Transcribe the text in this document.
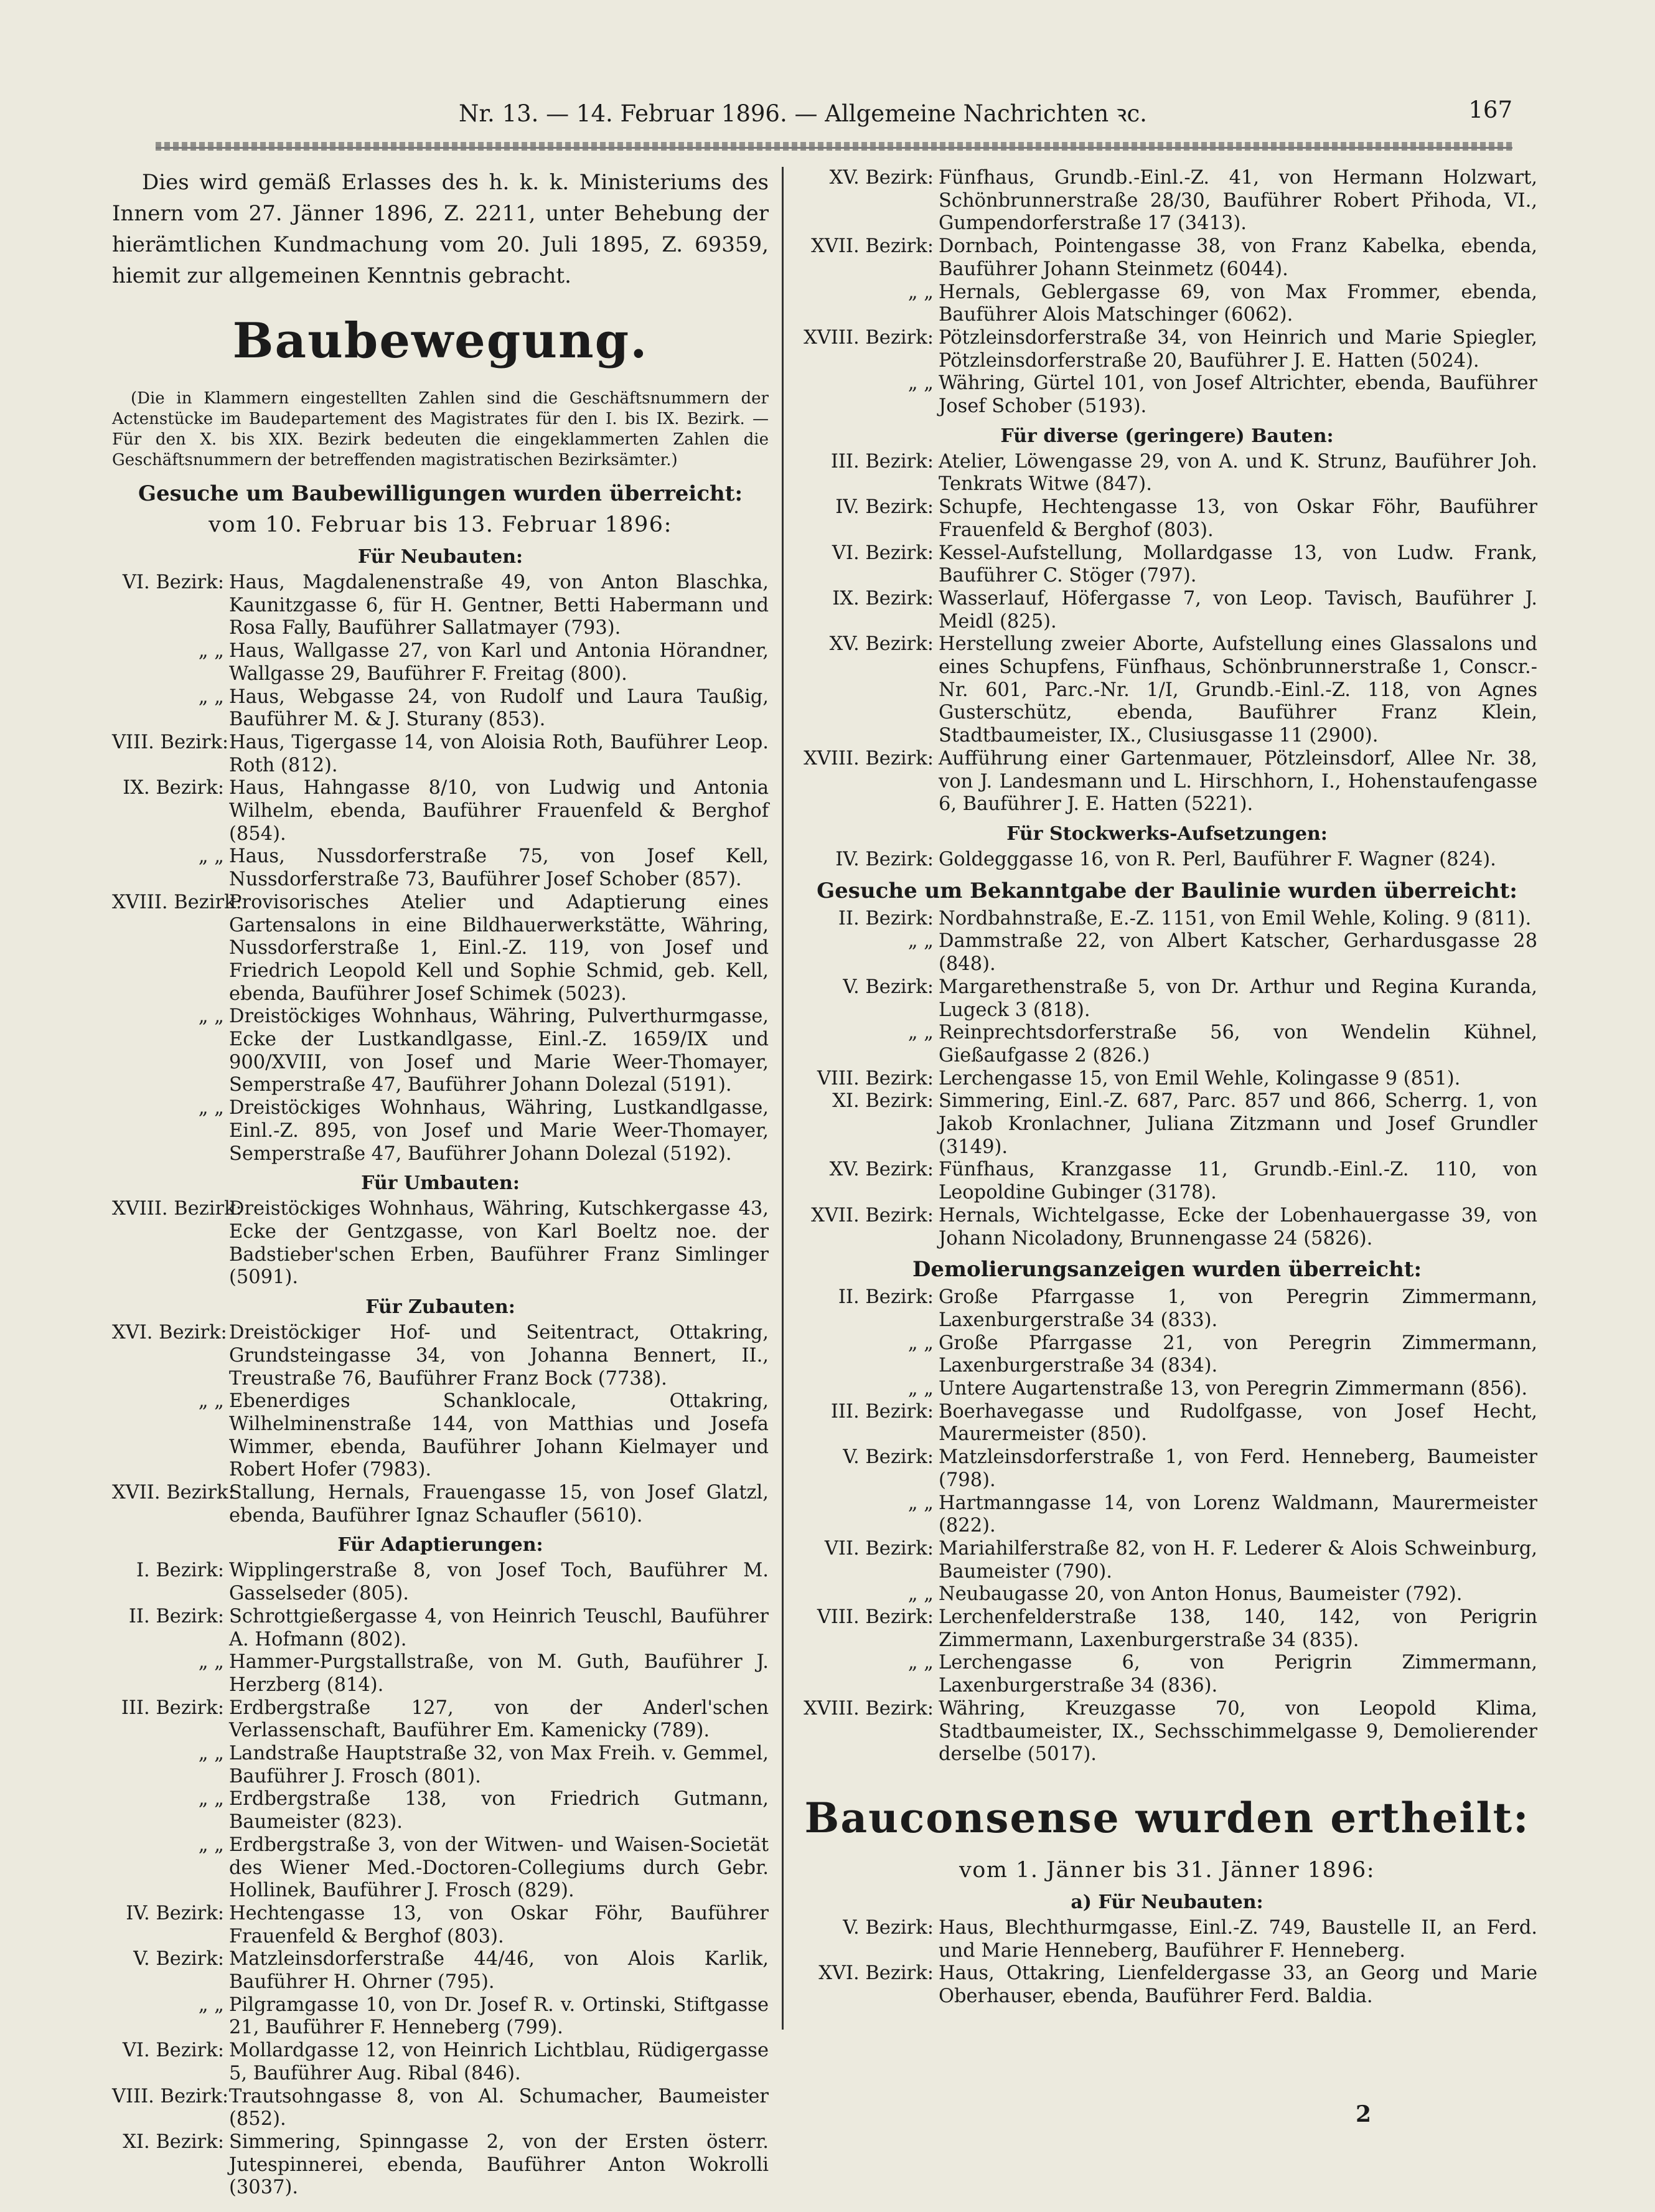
Nr. 13. — 14. Februar 1896. — Allgemeine Nachrichten ꝛc.	167

Dies wird gemäß Erlasses des h. k. k. Ministeriums des Innern vom 27. Jänner 1896, Z. 2211, unter Behebung der hierämtlichen Kundmachung vom 20. Juli 1895, Z. 69359, hiemit zur allgemeinen Kenntnis gebracht.

Baubewegung.

(Die in Klammern eingestellten Zahlen sind die Geschäftsnummern der Actenstücke im Baudepartement des Magistrates für den I. bis IX. Bezirk. — Für den X. bis XIX. Bezirk bedeuten die eingeklammerten Zahlen die Geschäftsnummern der betreffenden magistratischen Bezirksämter.)

Gesuche um Baubewilligungen wurden überreicht:
vom 10. Februar bis 13. Februar 1896:
Für Neubauten:
VI. Bezirk: Haus, Magdalenenstraße 49, von Anton Blaschka, Kaunitzgasse 6, für H. Gentner, Betti Habermann und Rosa Fally, Bauführer Sallatmayer (793).
„ „ Haus, Wallgasse 27, von Karl und Antonia Hörandner, Wallgasse 29, Bauführer F. Freitag (800).
„ „ Haus, Webgasse 24, von Rudolf und Laura Taußig, Bauführer M. & J. Sturany (853).
VIII. Bezirk: Haus, Tigergasse 14, von Aloisia Roth, Bauführer Leop. Roth (812).
IX. Bezirk: Haus, Hahngasse 8/10, von Ludwig und Antonia Wilhelm, ebenda, Bauführer Frauenfeld & Berghof (854).
„ „ Haus, Nussdorferstraße 75, von Josef Kell, Nussdorferstraße 73, Bauführer Josef Schober (857).
XVIII. Bezirk:
Provisorisches Atelier und Adaptierung eines Gartensalons in eine Bildhauerwerkstätte, Währing, Nussdorferstraße 1, Einl.-Z. 119, von Josef und Friedrich Leopold Kell und Sophie Schmid, geb. Kell, ebenda, Bauführer Josef Schimek (5023).
„ „ Dreistöckiges Wohnhaus, Währing, Pulverthurmgasse, Ecke der Lustkandlgasse, Einl.-Z. 1659/IX und 900/XVIII, von Josef und Marie Weer-Thomayer, Semperstraße 47, Bauführer Johann Dolezal (5191).
„ „ Dreistöckiges Wohnhaus, Währing, Lustkandlgasse, Einl.-Z. 895, von Josef und Marie Weer-Thomayer, Semperstraße 47, Bauführer Johann Dolezal (5192).
Für Umbauten:
XVIII. Bezirk:
Dreistöckiges Wohnhaus, Währing, Kutschkergasse 43, Ecke der Gentzgasse, von Karl Boeltz noe. der Badstieber'schen Erben, Bauführer Franz Simlinger (5091).
Für Zubauten:
XVI. Bezirk: Dreistöckiger Hof- und Seitentract, Ottakring, Grundsteingasse 34, von Johanna Bennert, II., Treustraße 76, Bauführer Franz Bock (7738).
„ „ Ebenerdiges Schanklocale, Ottakring, Wilhelminenstraße 144, von Matthias und Josefa Wimmer, ebenda, Bauführer Johann Kielmayer und Robert Hofer (7983).
XVII. Bezirk:
Stallung, Hernals, Frauengasse 15, von Josef Glatzl, ebenda, Bauführer Ignaz Schaufler (5610).
Für Adaptierungen:
I. Bezirk: Wipplingerstraße 8, von Josef Toch, Bauführer M. Gasselseder (805).
II. Bezirk: Schrottgießergasse 4, von Heinrich Teuschl, Bauführer A. Hofmann (802).
„ „ Hammer-Purgstallstraße, von M. Guth, Bauführer J. Herzberg (814).
III. Bezirk: Erdbergstraße 127, von der Anderl'schen Verlassenschaft, Bauführer Em. Kamenicky (789).
„ „ Landstraße Hauptstraße 32, von Max Freih. v. Gemmel, Bauführer J. Frosch (801).
„ „ Erdbergstraße 138, von Friedrich Gutmann, Baumeister (823).
„ „ Erdbergstraße 3, von der Witwen- und Waisen-Societät des Wiener Med.-Doctoren-Collegiums durch Gebr. Hollinek, Bauführer J. Frosch (829).
IV. Bezirk: Hechtengasse 13, von Oskar Föhr, Bauführer Frauenfeld & Berghof (803).
V. Bezirk: Matzleinsdorferstraße 44/46, von Alois Karlik, Bauführer H. Ohrner (795).
„ „ Pilgramgasse 10, von Dr. Josef R. v. Ortinski, Stiftgasse 21, Bauführer F. Henneberg (799).
VI. Bezirk: Mollardgasse 12, von Heinrich Lichtblau, Rüdigergasse 5, Bauführer Aug. Ribal (846).
VIII. Bezirk: Trautsohngasse 8, von Al. Schumacher, Baumeister (852).
XI. Bezirk: Simmering, Spinngasse 2, von der Ersten österr. Jutespinnerei, ebenda, Bauführer Anton Wokrolli (3037).
XV. Bezirk: Fünfhaus, Grundb.-Einl.-Z. 41, von Hermann Holzwart, Schönbrunnerstraße 28/30, Bauführer Robert Přihoda, VI., Gumpendorferstraße 17 (3413).
XVII. Bezirk: Dornbach, Pointengasse 38, von Franz Kabelka, ebenda, Bauführer Johann Steinmetz (6044).
„ „ Hernals, Geblergasse 69, von Max Frommer, ebenda, Bauführer Alois Matschinger (6062).
XVIII. Bezirk: Pötzleinsdorferstraße 34, von Heinrich und Marie Spiegler, Pötzleinsdorferstraße 20, Bauführer J. E. Hatten (5024).
„ „ Währing, Gürtel 101, von Josef Altrichter, ebenda, Bauführer Josef Schober (5193).
Für diverse (geringere) Bauten:
III. Bezirk: Atelier, Löwengasse 29, von A. und K. Strunz, Bauführer Joh. Tenkrats Witwe (847).
IV. Bezirk: Schupfe, Hechtengasse 13, von Oskar Föhr, Bauführer Frauenfeld & Berghof (803).
VI. Bezirk: Kessel-Aufstellung, Mollardgasse 13, von Ludw. Frank, Bauführer C. Stöger (797).
IX. Bezirk: Wasserlauf, Höfergasse 7, von Leop. Tavisch, Bauführer J. Meidl (825).
XV. Bezirk: Herstellung zweier Aborte, Aufstellung eines Glassalons und eines Schupfens, Fünfhaus, Schönbrunnerstraße 1, Conscr.-Nr. 601, Parc.-Nr. 1/I, Grundb.-Einl.-Z. 118, von Agnes Gusterschütz, ebenda, Bauführer Franz Klein, Stadtbaumeister, IX., Clusiusgasse 11 (2900).
XVIII. Bezirk: Aufführung einer Gartenmauer, Pötzleinsdorf, Allee Nr. 38, von J. Landesmann und L. Hirschhorn, I., Hohenstaufengasse 6, Bauführer J. E. Hatten (5221).
Für Stockwerks-Aufsetzungen:
IV. Bezirk: Goldegggasse 16, von R. Perl, Bauführer F. Wagner (824).
Gesuche um Bekanntgabe der Baulinie wurden überreicht:
II. Bezirk: Nordbahnstraße, E.-Z. 1151, von Emil Wehle, Koling. 9 (811).
„ „ Dammstraße 22, von Albert Katscher, Gerhardusgasse 28 (848).
V. Bezirk: Margarethenstraße 5, von Dr. Arthur und Regina Kuranda, Lugeck 3 (818).
„ „ Reinprechtsdorferstraße 56, von Wendelin Kühnel, Gießaufgasse 2 (826.)
VIII. Bezirk: Lerchengasse 15, von Emil Wehle, Kolingasse 9 (851).
XI. Bezirk: Simmering, Einl.-Z. 687, Parc. 857 und 866, Scherrg. 1, von Jakob Kronlachner, Juliana Zitzmann und Josef Grundler (3149).
XV. Bezirk: Fünfhaus, Kranzgasse 11, Grundb.-Einl.-Z. 110, von Leopoldine Gubinger (3178).
XVII. Bezirk: Hernals, Wichtelgasse, Ecke der Lobenhauergasse 39, von Johann Nicoladony, Brunnengasse 24 (5826).
Demolierungsanzeigen wurden überreicht:
II. Bezirk: Große Pfarrgasse 1, von Peregrin Zimmermann, Laxenburgerstraße 34 (833).
„ „ Große Pfarrgasse 21, von Peregrin Zimmermann, Laxenburgerstraße 34 (834).
„ „ Untere Augartenstraße 13, von Peregrin Zimmermann (856).
III. Bezirk: Boerhavegasse und Rudolfgasse, von Josef Hecht, Maurermeister (850).
V. Bezirk: Matzleinsdorferstraße 1, von Ferd. Henneberg, Baumeister (798).
„ „ Hartmanngasse 14, von Lorenz Waldmann, Maurermeister (822).
VII. Bezirk: Mariahilferstraße 82, von H. F. Lederer & Alois Schweinburg, Baumeister (790).
„ „ Neubaugasse 20, von Anton Honus, Baumeister (792).
VIII. Bezirk: Lerchenfelderstraße 138, 140, 142, von Perigrin Zimmermann, Laxenburgerstraße 34 (835).
„ „ Lerchengasse 6, von Perigrin Zimmermann, Laxenburgerstraße 34 (836).
XVIII. Bezirk: Währing, Kreuzgasse 70, von Leopold Klima, Stadtbaumeister, IX., Sechsschimmelgasse 9, Demolierender derselbe (5017).
Bauconsense wurden ertheilt:
vom 1. Jänner bis 31. Jänner 1896:
a) Für Neubauten:
V. Bezirk: Haus, Blechthurmgasse, Einl.-Z. 749, Baustelle II, an Ferd. und Marie Henneberg, Bauführer F. Henneberg.
XVI. Bezirk: Haus, Ottakring, Lienfeldergasse 33, an Georg und Marie Oberhauser, ebenda, Bauführer Ferd. Baldia.
2
